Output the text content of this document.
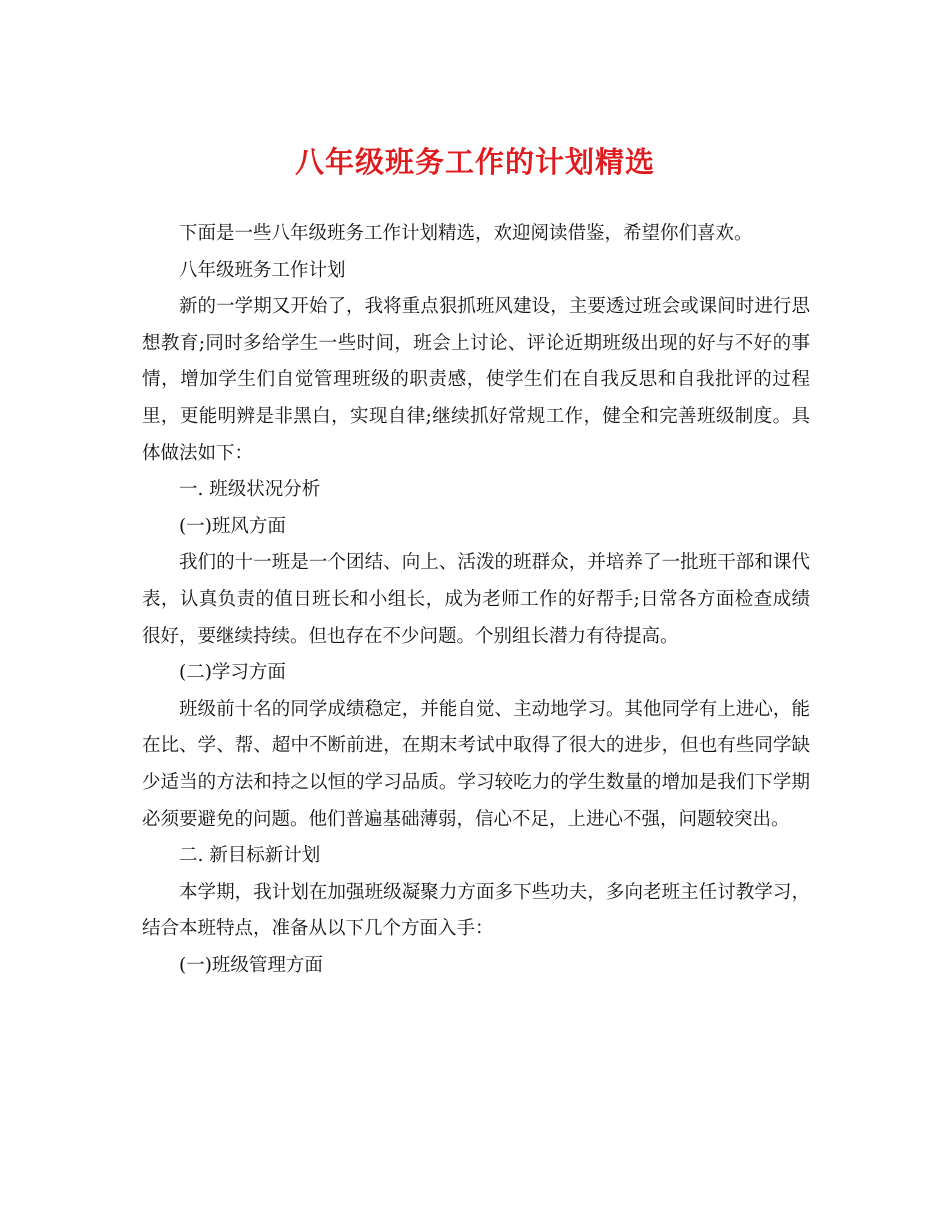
八年级班务工作的计划精选

下面是一些八年级班务工作计划精选，欢迎阅读借鉴，希望你们喜欢。

八年级班务工作计划

新的一学期又开始了，我将重点狠抓班风建设，主要透过班会或课间时进行思想教育;同时多给学生一些时间，班会上讨论、评论近期班级出现的好与不好的事情，增加学生们自觉管理班级的职责感，使学生们在自我反思和自我批评的过程里，更能明辨是非黑白，实现自律;继续抓好常规工作，健全和完善班级制度。具体做法如下：

一. 班级状况分析

(一)班风方面

我们的十一班是一个团结、向上、活泼的班群众，并培养了一批班干部和课代表，认真负责的值日班长和小组长，成为老师工作的好帮手;日常各方面检查成绩很好，要继续持续。但也存在不少问题。个别组长潜力有待提高。

(二)学习方面

班级前十名的同学成绩稳定，并能自觉、主动地学习。其他同学有上进心，能在比、学、帮、超中不断前进，在期末考试中取得了很大的进步，但也有些同学缺少适当的方法和持之以恒的学习品质。学习较吃力的学生数量的增加是我们下学期必须要避免的问题。他们普遍基础薄弱，信心不足，上进心不强，问题较突出。

二. 新目标新计划

本学期，我计划在加强班级凝聚力方面多下些功夫，多向老班主任讨教学习，结合本班特点，准备从以下几个方面入手：

(一)班级管理方面
